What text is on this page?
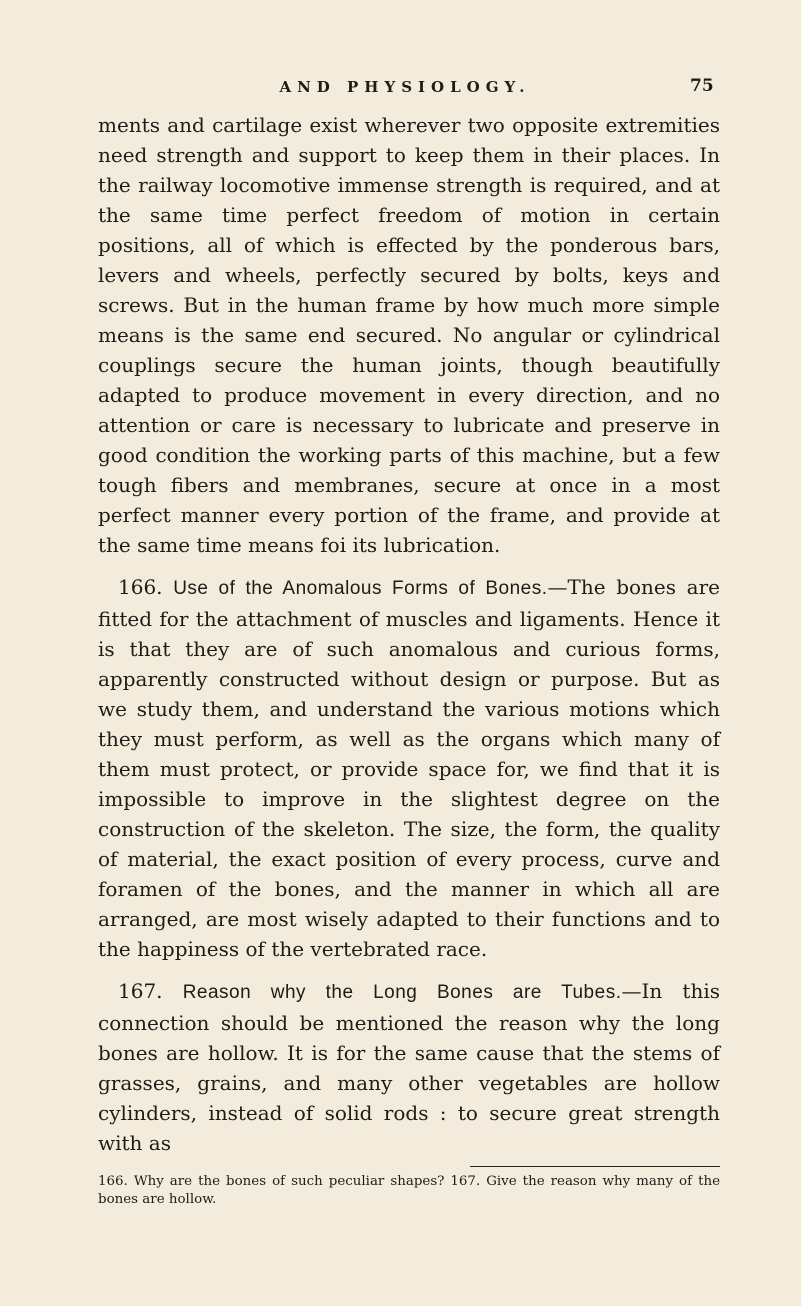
AND PHYSIOLOGY.	75

ments and cartilage exist wherever two opposite extremities need strength and support to keep them in their places. In the railway locomotive immense strength is required, and at the same time perfect freedom of motion in certain positions, all of which is effected by the ponderous bars, levers and wheels, perfectly secured by bolts, keys and screws. But in the human frame by how much more simple means is the same end secured. No angular or cylindrical couplings secure the human joints, though beautifully adapted to produce movement in every direction, and no attention or care is necessary to lubricate and preserve in good condition the working parts of this machine, but a few tough fibers and membranes, secure at once in a most perfect manner every portion of the frame, and provide at the same time means foi its lubrication.

166. Use of the Anomalous Forms of Bones.—The bones are fitted for the attachment of muscles and ligaments. Hence it is that they are of such anomalous and curious forms, apparently constructed without design or purpose. But as we study them, and understand the various motions which they must perform, as well as the organs which many of them must protect, or provide space for, we find that it is impossible to improve in the slightest degree on the construction of the skeleton. The size, the form, the quality of material, the exact position of every process, curve and foramen of the bones, and the manner in which all are arranged, are most wisely adapted to their functions and to the happiness of the vertebrated race.

167. Reason why the Long Bones are Tubes.—In this connection should be mentioned the reason why the long bones are hollow. It is for the same cause that the stems of grasses, grains, and many other vegetables are hollow cylinders, instead of solid rods : to secure great strength with as

166. Why are the bones of such peculiar shapes? 167. Give the reason why many of the bones are hollow.
